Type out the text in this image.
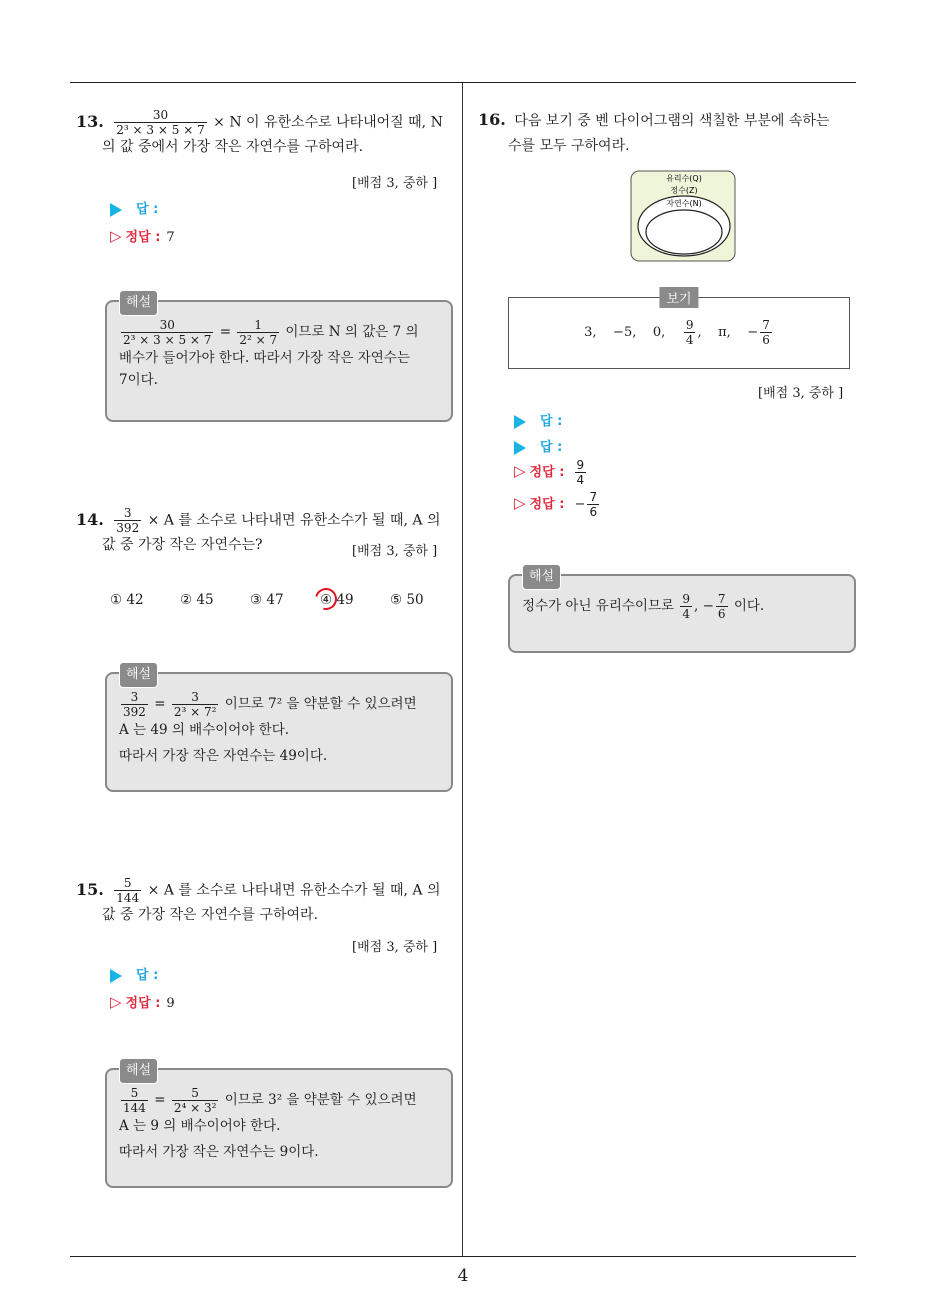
4
13. $\frac{30}{\text{2³ × 3 × 5 × 7}} \times N$ 이 유한소수로 나타내어질 때, N
의 값 중에서 가장 작은 자연수를 구하여라.
[배점 3, 중하 ]
답 :
▷ 정답 : 7
해설
$\frac{30}{\text{2³ × 3 × 5 × 7}} = \frac{1}{\text{2² × 7}}$ 이므로 N 의 값은 7 의
배수가 들어가야 한다. 따라서 가장 작은 자연수는
7이다.
14. $\frac{3}{392} \times A$ 를 소수로 나타내면 유한소수가 될 때, A 의
값 중 가장 작은 자연수는?	[배점 3, 중하 ]
① 42	② 45	③ 47	④ 49	⑤ 50
해설
$\frac{3}{392} = \frac{3}{\text{2³ × 7²}}$ 이므로 7² 을 약분할 수 있으려면
A 는 49 의 배수이어야 한다.
따라서 가장 작은 자연수는 49이다.
15. $\frac{5}{144} \times A$ 를 소수로 나타내면 유한소수가 될 때, A 의
값 중 가장 작은 자연수를 구하여라.
[배점 3, 중하 ]
답 :
▷ 정답 : 9
해설
$\frac{5}{144} = \frac{5}{\text{2⁴ × 3²}}$ 이므로 3² 을 약분할 수 있으려면
A 는 9 의 배수이어야 한다.
따라서 가장 작은 자연수는 9이다.
16. 다음 보기 중 벤 다이어그램의 색칠한 부분에 속하는
수를 모두 구하여라.
유리수(Q)
정수(Z)
자연수(N)
보기
3, −5, 0, $\frac{9}{4}$ , π, − $\frac{7}{6}$
[배점 3, 중하 ]
답 :
답 :
▷ 정답 : $\frac{9}{4}$
▷ 정답 : − $\frac{7}{6}$
해설
정수가 아닌 유리수이므로 $\frac{9}{4}$ , − $\frac{7}{6}$ 이다.
